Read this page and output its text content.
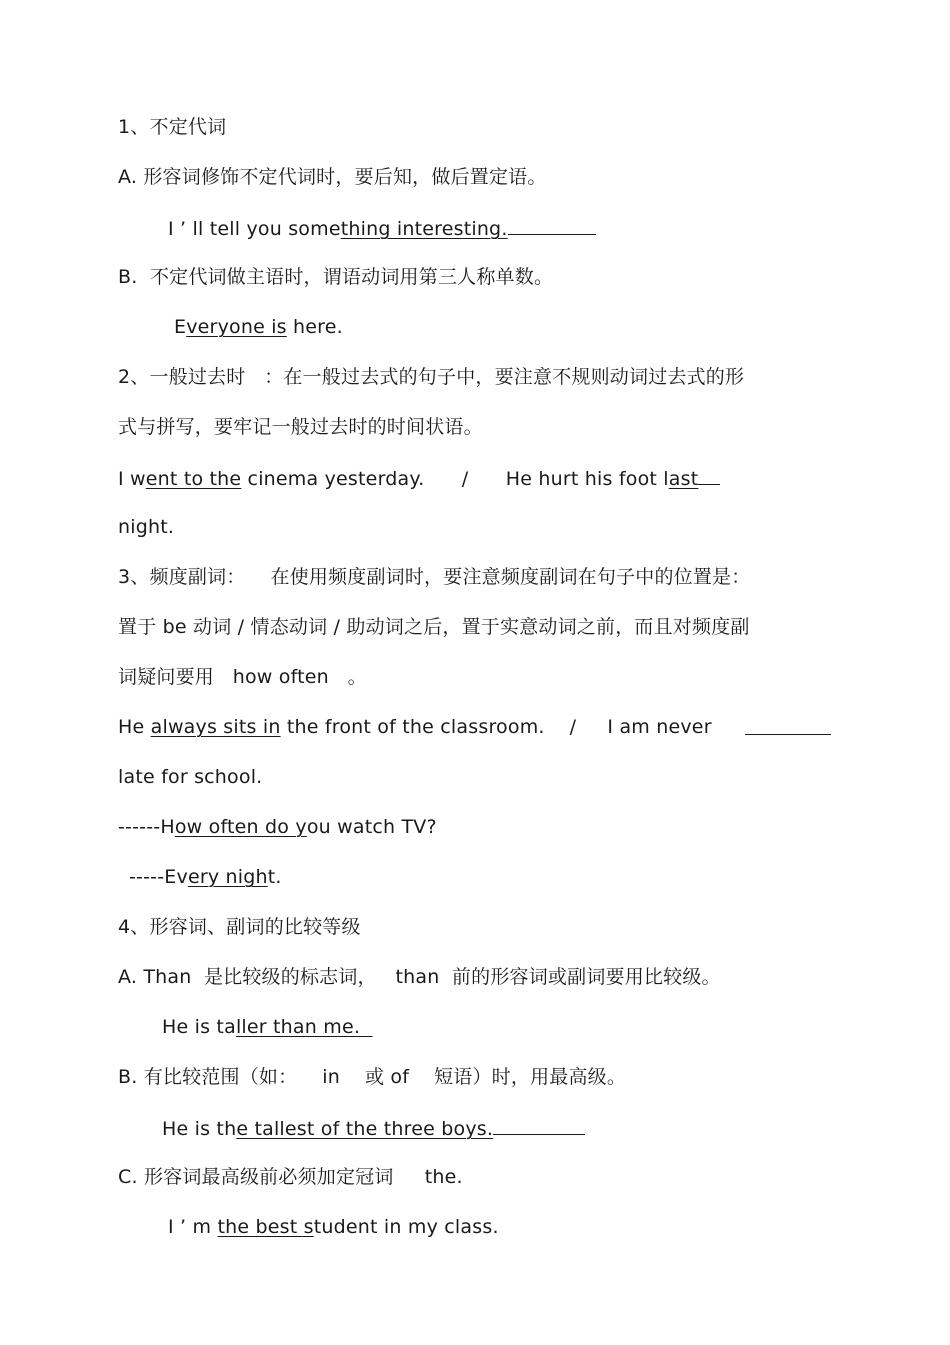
1、不定代词
A. 形容词修饰不定代词时，要后知，做后置定语。
I ’ ll tell you something interesting.
B.  不定代词做主语时，谓语动词用第三人称单数。
Everyone is here.
2、一般过去时   ：在一般过去式的句子中，要注意不规则动词过去式的形
式与拼写，要牢记一般过去时的时间状语。
I went to the cinema yesterday.      /      He hurt his foot last
night.
3、频度副词：    在使用频度副词时，要注意频度副词在句子中的位置是：
置于 be 动词 / 情态动词 / 助动词之后，置于实意动词之前，而且对频度副
词疑问要用   how often   。
He always sits in the front of the classroom.    /     I am never
late for school.
------How often do you watch TV?
-----Every night.
4、形容词、副词的比较等级
A. Than  是比较级的标志词，   than  前的形容词或副词要用比较级。
He is taller than me.
B. 有比较范围（如：    in    或 of    短语）时，用最高级。
He is the tallest of the three boys.
C. 形容词最高级前必须加定冠词     the.
I ’ m the best student in my class.
